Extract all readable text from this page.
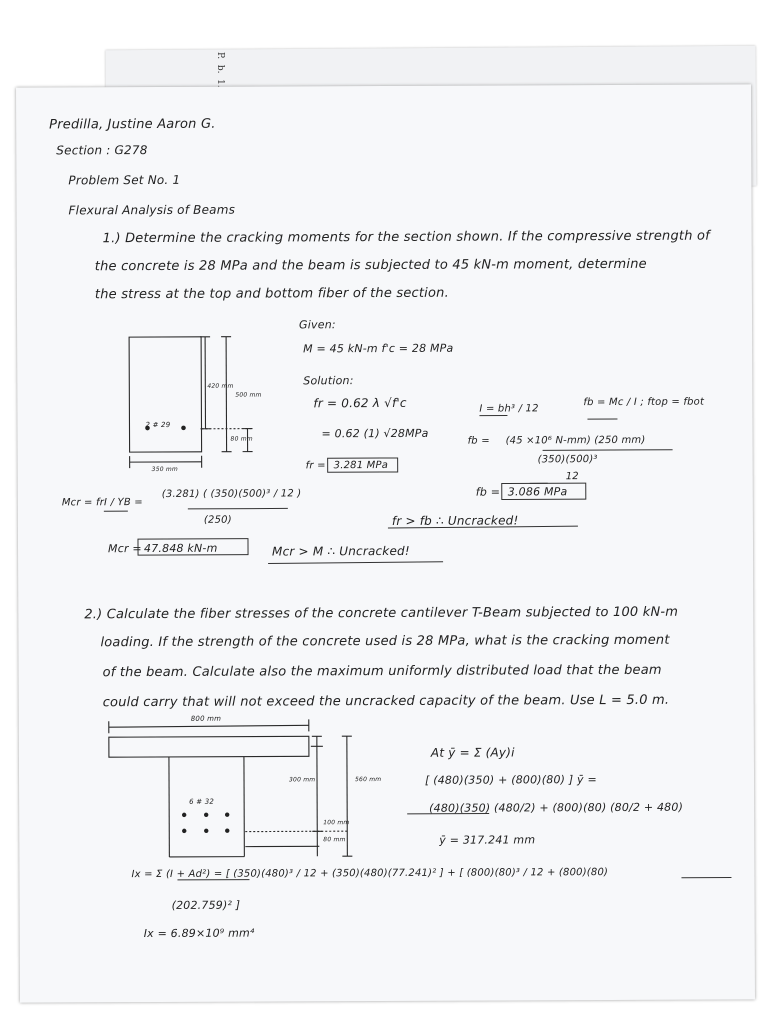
Predilla, Justine Aaron G.
Section : G278
Problem Set No. 1
Flexural Analysis of Beams
1.) Determine the cracking moments for the section shown. If the compressive strength of
the concrete is 28 MPa and the beam is subjected to 45 kN-m moment, determine
the stress at the top and bottom fiber of the section.
420 mm
500 mm
2 # 29
80 mm
350 mm
Given:
M = 45 kN-m f'c = 28 MPa
Solution:
fr = 0.62 λ √f'c
= 0.62 (1) √28MPa
fr = 3.281 MPa
I = bh³ / 12
fb = Mc / I ; ftop = fbot
fb = (45 ×10⁶ N-mm) (250 mm)
(350)(500)³
12
fb = 3.086 MPa
fr > fb ∴ Uncracked!
Mcr = frI / YB =
(3.281) ( (350)(500)³ / 12 )
(250)
Mcr = 47.848 kN-m	Mcr > M ∴ Uncracked!
2.) Calculate the fiber stresses of the concrete cantilever T-Beam subjected to 100 kN-m
loading. If the strength of the concrete used is 28 MPa, what is the cracking moment
of the beam. Calculate also the maximum uniformly distributed load that the beam
could carry that will not exceed the uncracked capacity of the beam. Use L = 5.0 m.
800 mm
300 mm	560 mm
6 # 32
100 mm
80 mm
At ȳ = Σ (Ay)i
[ (480)(350) + (800)(80) ] ȳ =
(480)(350) (480/2) + (800)(80) (80/2 + 480)
ȳ = 317.241 mm
Ix = Σ (I + Ad²) = [ (350)(480)³ / 12 + (350)(480)(77.241)² ] + [ (800)(80)³ / 12 + (800)(80)
(202.759)² ]
Ix = 6.89×10⁹ mm⁴
